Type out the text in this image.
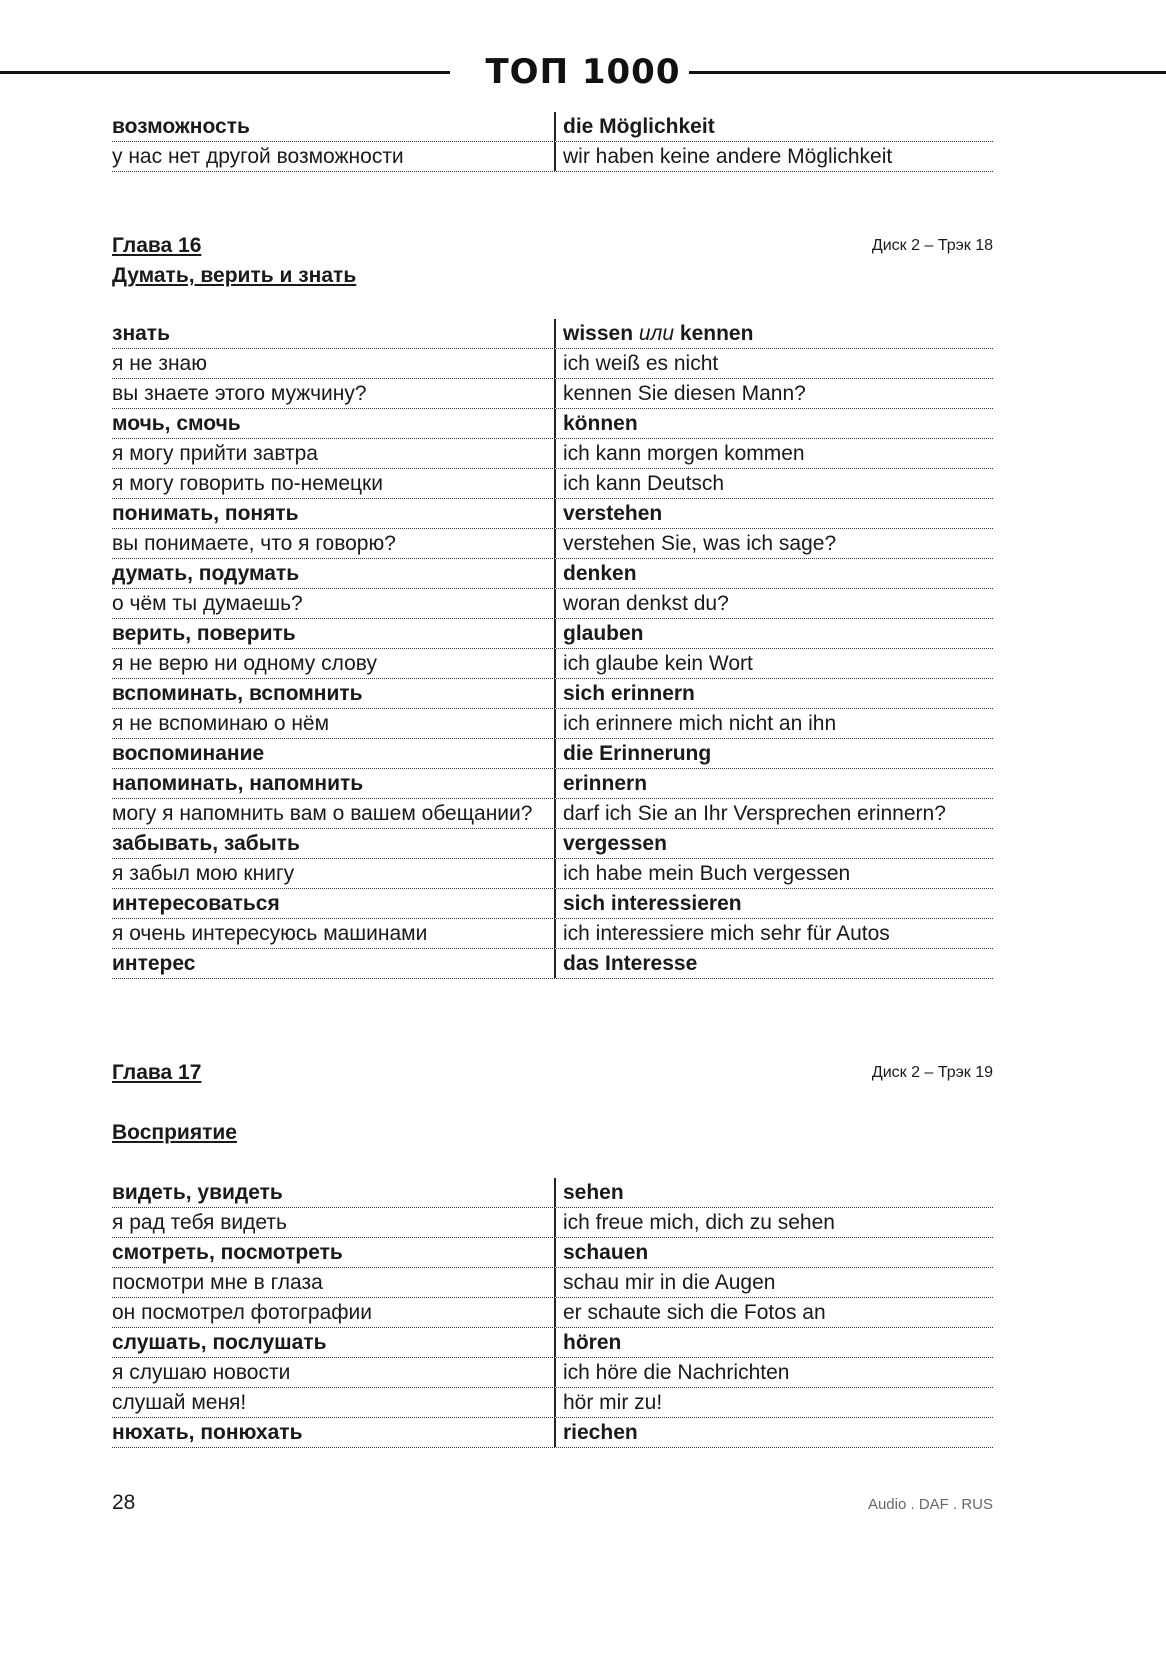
ТОП 1000
возможность	die Möglichkeit
у нас нет другой возможности	wir haben keine andere Möglichkeit
Глава 16	Диск 2 – Трэк 18
Думать, верить и знать
знать	wissen или kennen
я не знаю	ich weiß es nicht
вы знаете этого мужчину?	kennen Sie diesen Mann?
мочь, смочь	können
я могу прийти завтра	ich kann morgen kommen
я могу говорить по-немецки	ich kann Deutsch
понимать, понять	verstehen
вы понимаете, что я говорю?	verstehen Sie, was ich sage?
думать, подумать	denken
о чём ты думаешь?	woran denkst du?
верить, поверить	glauben
я не верю ни одному слову	ich glaube kein Wort
вспоминать, вспомнить	sich erinnern
я не вспоминаю о нём	ich erinnere mich nicht an ihn
воспоминание	die Erinnerung
напоминать, напомнить	erinnern
могу я напомнить вам о вашем обещании?	darf ich Sie an Ihr Versprechen erinnern?
забывать, забыть	vergessen
я забыл мою книгу	ich habe mein Buch vergessen
интересоваться	sich interessieren
я очень интересуюсь машинами	ich interessiere mich sehr für Autos
интерес	das Interesse
Глава 17	Диск 2 – Трэк 19
Восприятие
видеть, увидеть	sehen
я рад тебя видеть	ich freue mich, dich zu sehen
смотреть, посмотреть	schauen
посмотри мне в глаза	schau mir in die Augen
он посмотрел фотографии	er schaute sich die Fotos an
слушать, послушать	hören
я слушаю новости	ich höre die Nachrichten
слушай меня!	hör mir zu!
нюхать, понюхать	riechen
28	Audio . DAF . RUS
